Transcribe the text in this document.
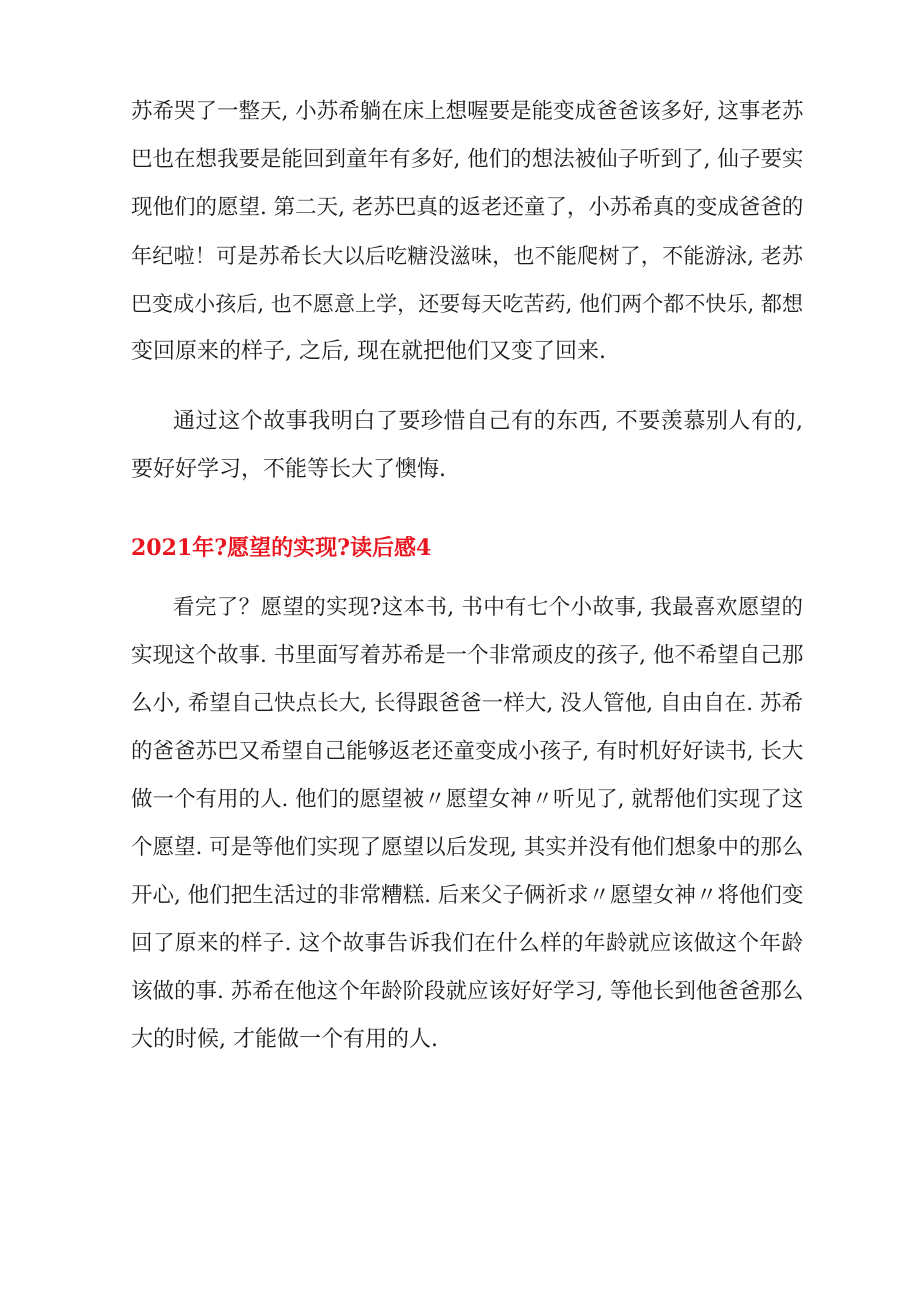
苏希哭了一整天, 小苏希躺在床上想喔要是能变成爸爸该多好, 这事老苏
巴也在想我要是能回到童年有多好, 他们的想法被仙子听到了, 仙子要实
现他们的愿望. 第二天, 老苏巴真的返老还童了，小苏希真的变成爸爸的
年纪啦！可是苏希长大以后吃糖没滋味，也不能爬树了，不能游泳, 老苏
巴变成小孩后, 也不愿意上学，还要每天吃苦药, 他们两个都不快乐, 都想
变回原来的样子, 之后, 现在就把他们又变了回来.
通过这个故事我明白了要珍惜自己有的东西, 不要羡慕别人有的,
要好好学习，不能等长大了懊悔.
2021年?愿望的实现?读后感4
看完了？愿望的实现?这本书, 书中有七个小故事, 我最喜欢愿望的
实现这个故事. 书里面写着苏希是一个非常顽皮的孩子, 他不希望自己那
么小, 希望自己快点长大, 长得跟爸爸一样大, 没人管他, 自由自在. 苏希
的爸爸苏巴又希望自己能够返老还童变成小孩子, 有时机好好读书, 长大
做一个有用的人. 他们的愿望被〃愿望女神〃听见了, 就帮他们实现了这
个愿望. 可是等他们实现了愿望以后发现, 其实并没有他们想象中的那么
开心, 他们把生活过的非常糟糕. 后来父子俩祈求〃愿望女神〃将他们变
回了原来的样子. 这个故事告诉我们在什么样的年龄就应该做这个年龄
该做的事. 苏希在他这个年龄阶段就应该好好学习, 等他长到他爸爸那么
大的时候, 才能做一个有用的人.
